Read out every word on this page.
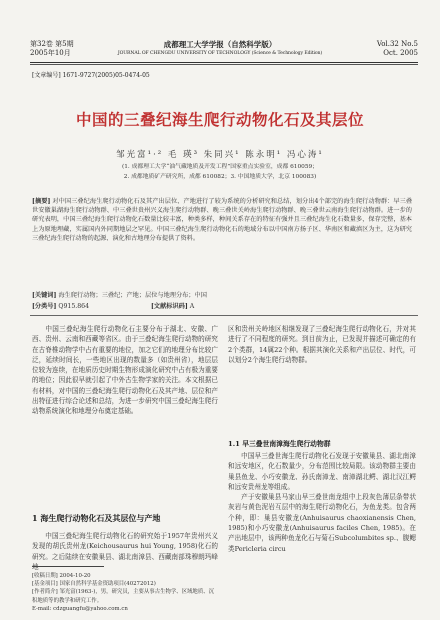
第32卷 第5期
2005年10月
成都理工大学学报（自然科学版）
JOURNAL OF CHENGDU UNIVERSITY OF TECHNOLOGY (Science & Technology Edition)
Vol.32 No.5
Oct. 2005
[文章编号] 1671-9727(2005)05-0474-05
中国的三叠纪海生爬行动物化石及其层位
邹光富¹·² 毛 瑛³ 朱同兴¹ 陈永明¹ 冯心涛¹
(1. 成都理工大学“油气藏地质及开发工程”国家重点实验室，成都 610059；
2. 成都地质矿产研究所，成都 610082；3. 中国地质大学，北京 100083)
[摘要] 对中国三叠纪海生爬行动物化石及其产出层位、产地进行了较为系统的分析研究和总结，划分出4个部完的海生爬行动物群：早三叠世安徽巢湖海生爬行动物群、中三叠世贵州兴义海生爬行动物群、晚三叠世关岭海生爬行动物群、晚三叠世云南海生爬行动物群。进一步的研究表明，中国三叠纪海生爬行动物化石数量比较丰富，种类多样，种间关系存在的特征有强并且三叠纪海生化石数量多，保存完整，基本上为原地埋藏，实属国内外同期地层之罕见。中国三叠纪海生爬行动物化石的地域分布以中国南方扬子区、华南区和藏滇区为主，这为研究三叠纪海生爬行动物的起源、演化和古地理分布提供了资料。
[关键词] 海生爬行动物；三叠纪；产地；层位与地理分布；中国
[分类号] Q915.864	[文献标识码] A
中国三叠纪海生爬行动物化石主要分布于湖北、安徽、广西、贵州、云南和西藏等省区。由于三叠纪海生爬行动物的研究在古脊椎动物学中占有重要的地位，加之它们的地理分布比较广泛，延续时间长，一些地区出现的数量多（如贵州省），地层层位较为连续，在地质历史时期生物形成演化研究中占有极为重要的地位；因此很早就引起了中外古生物学家的关注。本文根据已有材料，对中国的三叠纪海生爬行动物化石及其产地、层位和产出特征进行综合论述和总结，为进一步研究中国三叠纪海生爬行动物系统演化和地理分布奠定基础。
1 海生爬行动物化石及其层位与产地
中国三叠纪海生爬行动物化石的研究始于1957年贵州兴义发现的胡氏贵州龙(Keichousaurus hui Young, 1958)化石的研究。之后陆续在安徽巢县、湖北南漳县、西藏南部珠穆朗玛峰地
[收稿日期] 2004-10-20
[基金项目] 国家自然科学基金资助项目(40272012)
[作者简介] 邹光富(1963-)，男，研究员，主要从事古生物学、区域地质、沉积地质等的教学和研究工作。
E-mail: cdzguangfu@yahoo.com.cn
区和贵州关岭地区相继发现了三叠纪海生爬行动物化石，并对其进行了不同程度的研究。到目前为止，已发现并描述可确定的有2个类群，14属22个种。根据其演化关系和产出层位、时代，可以划分2个海生爬行动物群。
1.1 早三叠世南漳海生爬行动物群
中国早三叠世海生爬行动物化石发现于安徽巢县、湖北南漳和远安地区，化石数量少，分布范围比较局限。该动物群主要由巢县鱼龙、小巧安徽龙、孙氏南漳龙、南漳湖北鳄、湖北汉江鳄和远安贵州龙等组成。
产于安徽巢县马家山早三叠世南龙组中上段灰色薄层条带状灰岩与黄色泥岩互层中的海生爬行动物化石，为鱼龙类。包含两个种，即：巢县安徽龙(Anhuisaurus chaoxianensis Chen, 1985)和小巧安徽龙(Anhuisaurus faciles Chen, 1985)。在产出地层中，该两种鱼龙化石与菊石Subcolumbites sp.、腹鳃类Pericleria circu
